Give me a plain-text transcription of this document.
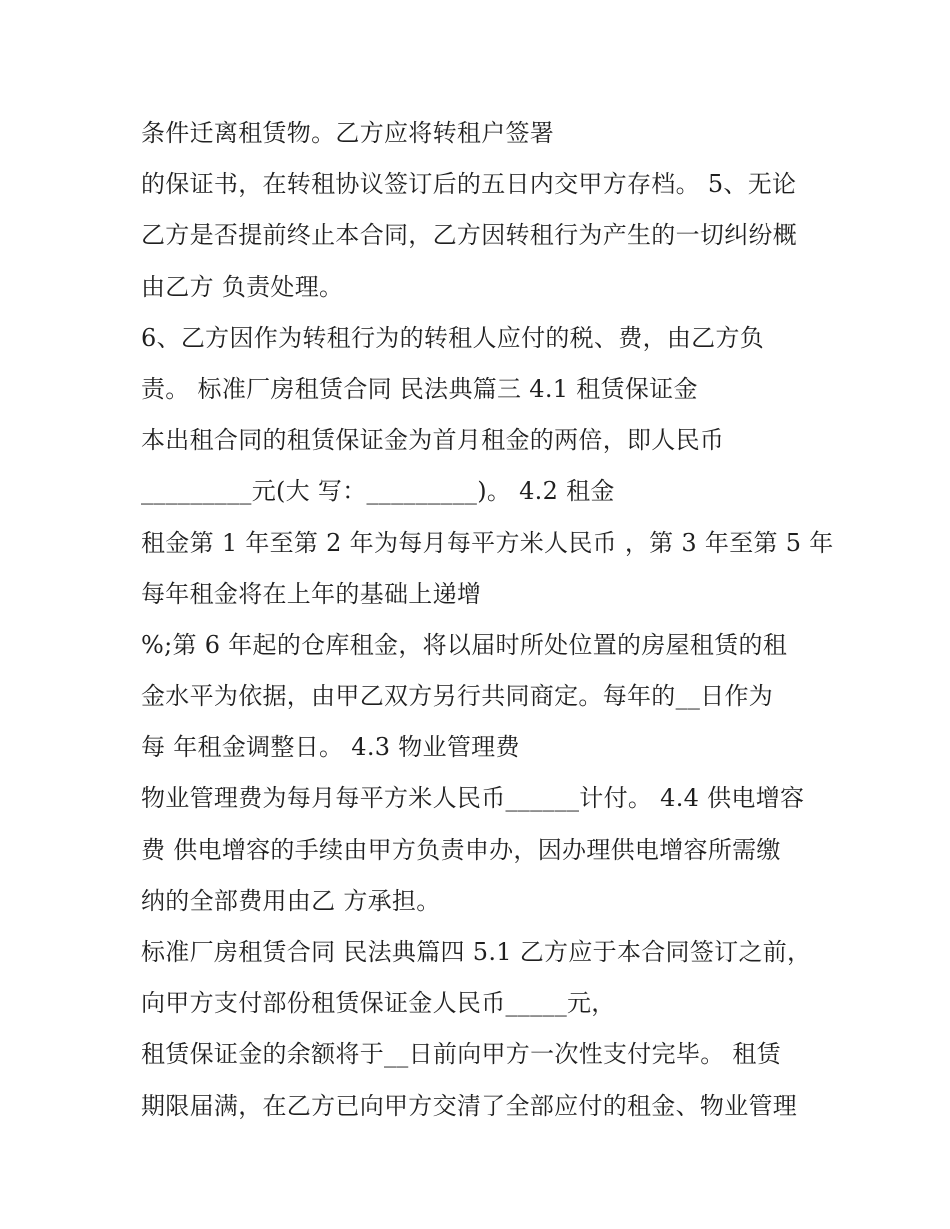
条件迁离租赁物。乙方应将转租户签署
的保证书，在转租协议签订后的五日内交甲方存档。 5、无论
乙方是否提前终止本合同，乙方因转租行为产生的一切纠纷概
由乙方 负责处理。
6、乙方因作为转租行为的转租人应付的税、费，由乙方负
责。 标准厂房租赁合同 民法典篇三 4.1 租赁保证金
本出租合同的租赁保证金为首月租金的两倍，即人民币
_________元(大 写：_________)。 4.2 租金
租金第 1 年至第 2 年为每月每平方米人民币 ，第 3 年至第 5 年
每年租金将在上年的基础上递增
%;第 6 年起的仓库租金，将以届时所处位置的房屋租赁的租
金水平为依据，由甲乙双方另行共同商定。每年的__日作为
每 年租金调整日。 4.3 物业管理费
物业管理费为每月每平方米人民币______计付。 4.4 供电增容
费 供电增容的手续由甲方负责申办，因办理供电增容所需缴
纳的全部费用由乙 方承担。
标准厂房租赁合同 民法典篇四 5.1 乙方应于本合同签订之前，
向甲方支付部份租赁保证金人民币_____元，
租赁保证金的余额将于__日前向甲方一次性支付完毕。 租赁
期限届满，在乙方已向甲方交清了全部应付的租金、物业管理
